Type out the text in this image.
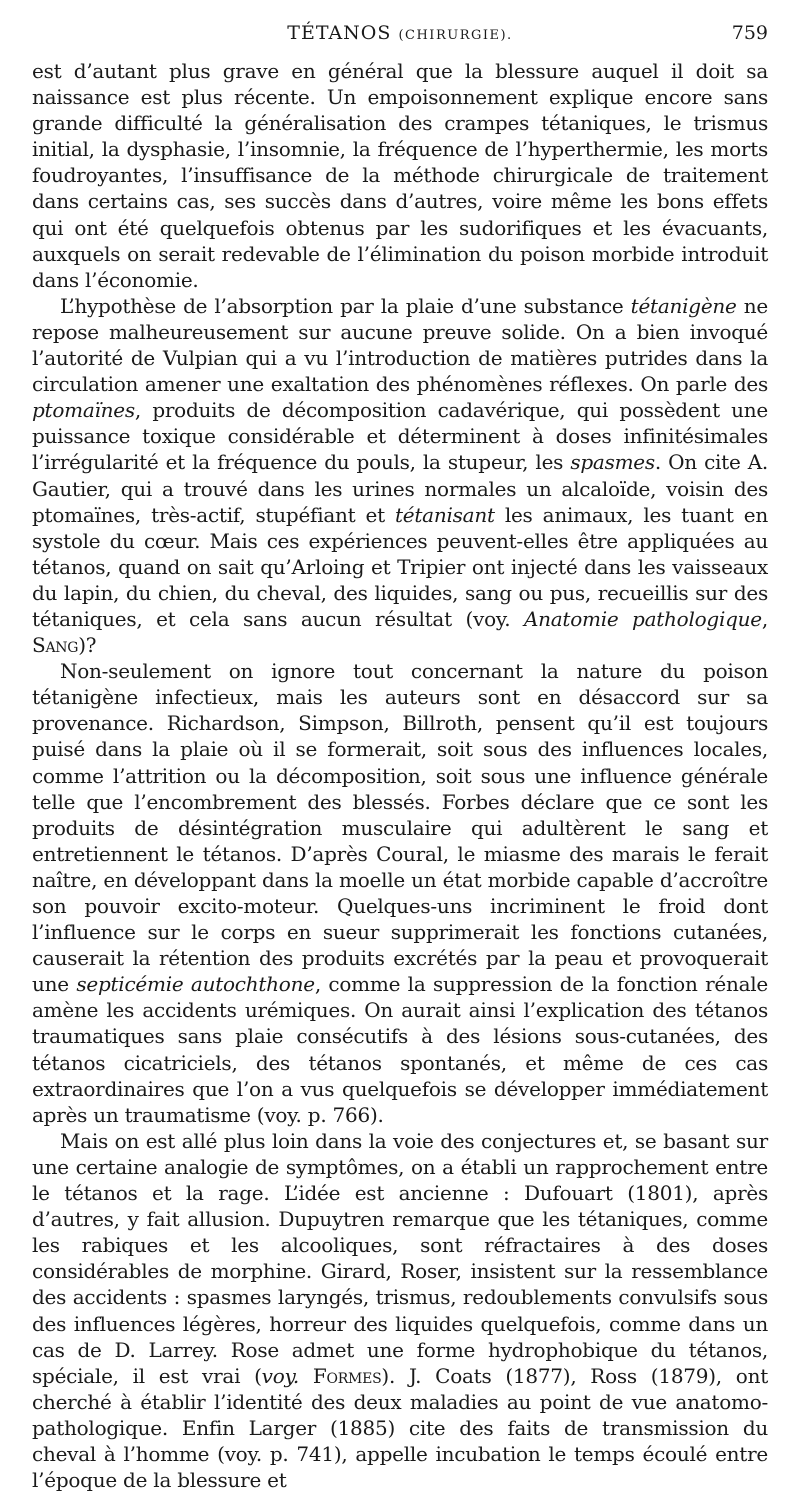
TÉTANOS (CHIRURGIE).	759

est d’autant plus grave en général que la blessure auquel il doit sa naissance est plus récente. Un empoisonnement explique encore sans grande difficulté la généralisation des crampes tétaniques, le trismus initial, la dysphasie, l’insomnie, la fréquence de l’hyperthermie, les morts foudroyantes, l’insuffisance de la méthode chirurgicale de traitement dans certains cas, ses succès dans d’autres, voire même les bons effets qui ont été quelquefois obtenus par les sudorifiques et les évacuants, auxquels on serait redevable de l’élimination du poison morbide introduit dans l’économie.

L’hypothèse de l’absorption par la plaie d’une substance tétanigène ne repose malheureusement sur aucune preuve solide. On a bien invoqué l’autorité de Vulpian qui a vu l’introduction de matières putrides dans la circulation amener une exaltation des phénomènes réflexes. On parle des ptomaïnes, produits de décomposition cadavérique, qui possèdent une puissance toxique considérable et déterminent à doses infinitésimales l’irrégularité et la fréquence du pouls, la stupeur, les spasmes. On cite A. Gautier, qui a trouvé dans les urines normales un alcaloïde, voisin des ptomaïnes, très-actif, stupéfiant et tétanisant les animaux, les tuant en systole du cœur. Mais ces expériences peuvent-elles être appliquées au tétanos, quand on sait qu’Arloing et Tripier ont injecté dans les vaisseaux du lapin, du chien, du cheval, des liquides, sang ou pus, recueillis sur des tétaniques, et cela sans aucun résultat (voy. Anatomie pathologique, Sang)?

Non-seulement on ignore tout concernant la nature du poison tétanigène infectieux, mais les auteurs sont en désaccord sur sa provenance. Richardson, Simpson, Billroth, pensent qu’il est toujours puisé dans la plaie où il se formerait, soit sous des influences locales, comme l’attrition ou la décomposition, soit sous une influence générale telle que l’encombrement des blessés. Forbes déclare que ce sont les produits de désintégration musculaire qui adultèrent le sang et entretiennent le tétanos. D’après Coural, le miasme des marais le ferait naître, en développant dans la moelle un état morbide capable d’accroître son pouvoir excito-moteur. Quelques-uns incriminent le froid dont l’influence sur le corps en sueur supprimerait les fonctions cutanées, causerait la rétention des produits excrétés par la peau et provoquerait une septicémie autochthone, comme la suppression de la fonction rénale amène les accidents urémiques. On aurait ainsi l’explication des tétanos traumatiques sans plaie consécutifs à des lésions sous-cutanées, des tétanos cicatriciels, des tétanos spontanés, et même de ces cas extraordinaires que l’on a vus quelquefois se développer immédiatement après un traumatisme (voy. p. 766).

Mais on est allé plus loin dans la voie des conjectures et, se basant sur une certaine analogie de symptômes, on a établi un rapprochement entre le tétanos et la rage. L’idée est ancienne : Dufouart (1801), après d’autres, y fait allusion. Dupuytren remarque que les tétaniques, comme les rabiques et les alcooliques, sont réfractaires à des doses considérables de morphine. Girard, Roser, insistent sur la ressemblance des accidents : spasmes laryngés, trismus, redoublements convulsifs sous des influences légères, horreur des liquides quelquefois, comme dans un cas de D. Larrey. Rose admet une forme hydrophobique du tétanos, spéciale, il est vrai (voy. Formes). J. Coats (1877), Ross (1879), ont cherché à établir l’identité des deux maladies au point de vue anatomo-pathologique. Enfin Larger (1885) cite des faits de transmission du cheval à l’homme (voy. p. 741), appelle incubation le temps écoulé entre l’époque de la blessure et
